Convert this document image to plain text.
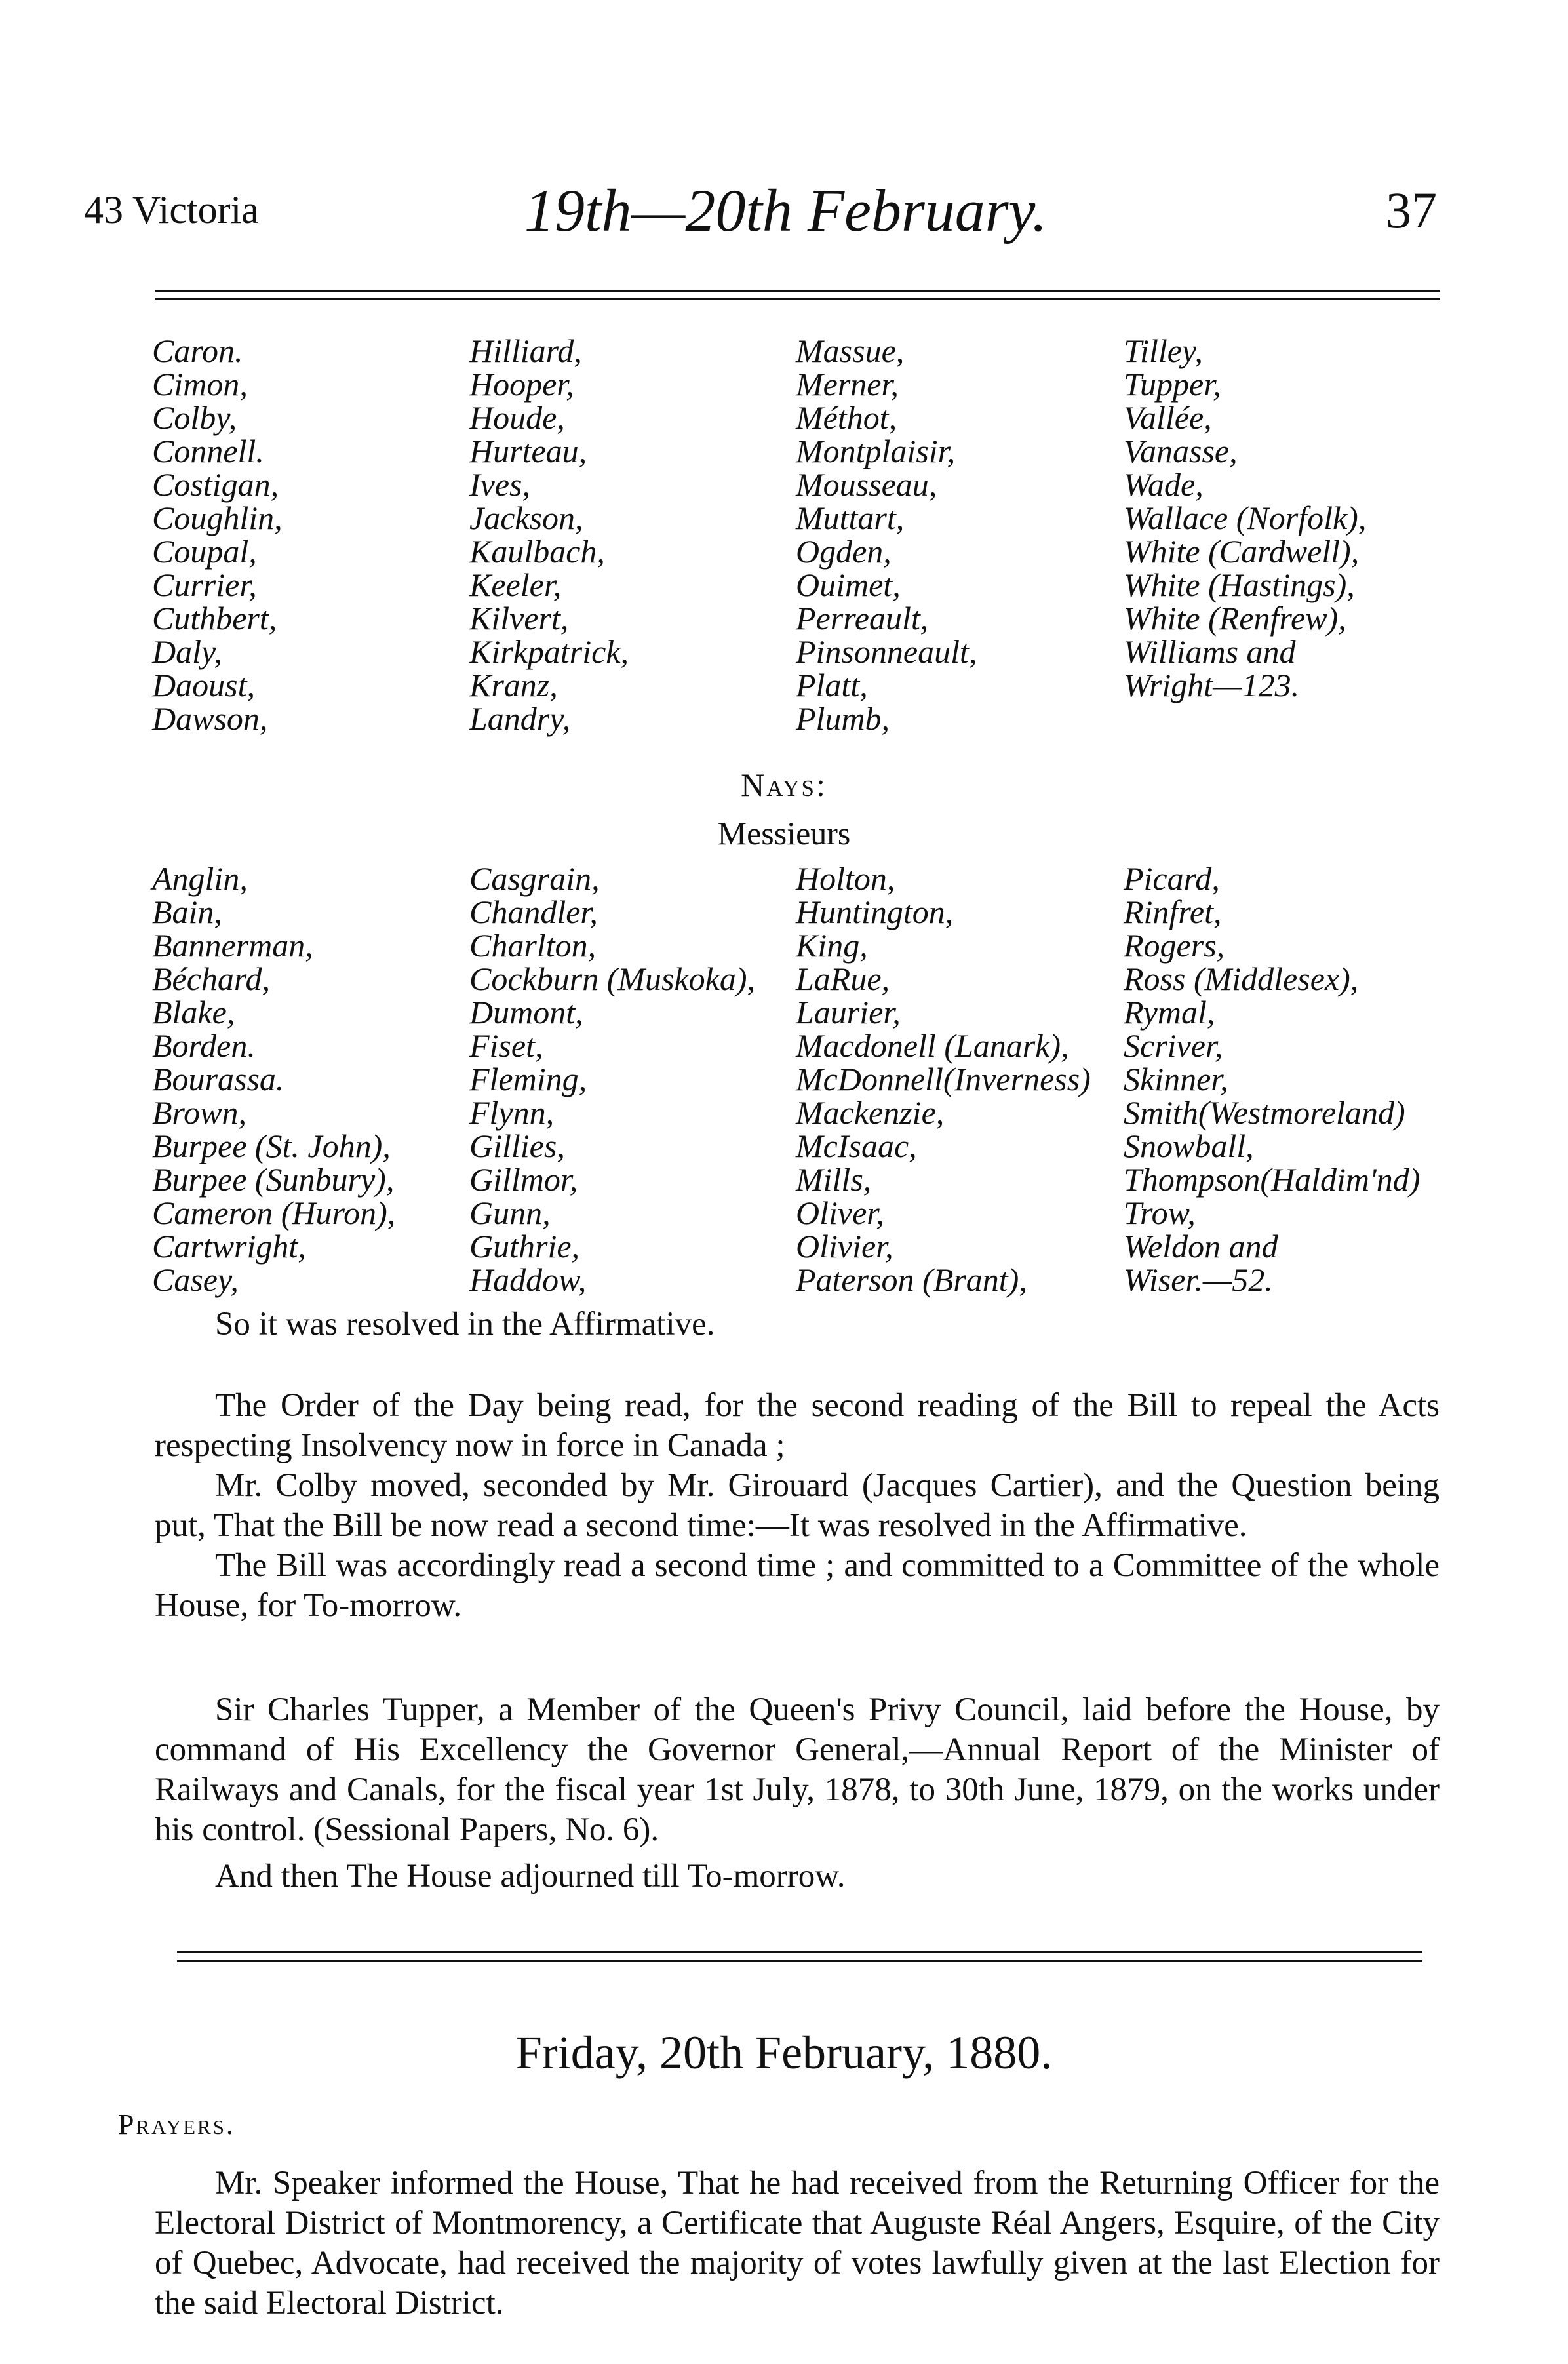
43 Victoria	19th—20th February.	37
Caron.
Cimon,
Colby,
Connell.
Costigan,
Coughlin,
Coupal,
Currier,
Cuthbert,
Daly,
Daoust,
Dawson,
Hilliard,
Hooper,
Houde,
Hurteau,
Ives,
Jackson,
Kaulbach,
Keeler,
Kilvert,
Kirkpatrick,
Kranz,
Landry,
Massue,
Merner,
Méthot,
Montplaisir,
Mousseau,
Muttart,
Ogden,
Ouimet,
Perreault,
Pinsonneault,
Platt,
Plumb,
Tilley,
Tupper,
Vallée,
Vanasse,
Wade,
Wallace (Norfolk),
White (Cardwell),
White (Hastings),
White (Renfrew),
Williams and
Wright—123.
Nays:
Messieurs
Anglin,
Bain,
Bannerman,
Béchard,
Blake,
Borden.
Bourassa.
Brown,
Burpee (St. John),
Burpee (Sunbury),
Cameron (Huron),
Cartwright,
Casey,
Casgrain,
Chandler,
Charlton,
Cockburn (Muskoka),
Dumont,
Fiset,
Fleming,
Flynn,
Gillies,
Gillmor,
Gunn,
Guthrie,
Haddow,
Holton,
Huntington,
King,
LaRue,
Laurier,
Macdonell (Lanark),
McDonnell(Inverness)
Mackenzie,
McIsaac,
Mills,
Oliver,
Olivier,
Paterson (Brant),
Picard,
Rinfret,
Rogers,
Ross (Middlesex),
Rymal,
Scriver,
Skinner,
Smith(Westmoreland)
Snowball,
Thompson(Haldim'nd)
Trow,
Weldon and
Wiser.—52.

So it was resolved in the Affirmative.

The Order of the Day being read, for the second reading of the Bill to repeal the Acts respecting Insolvency now in force in Canada ;

Mr. Colby moved, seconded by Mr. Girouard (Jacques Cartier), and the Question being put, That the Bill be now read a second time:—It was resolved in the Affirmative.

The Bill was accordingly read a second time ; and committed to a Committee of the whole House, for To-morrow.

Sir Charles Tupper, a Member of the Queen's Privy Council, laid before the House, by command of His Excellency the Governor General,—Annual Report of the Minister of Railways and Canals, for the fiscal year 1st July, 1878, to 30th June, 1879, on the works under his control. (Sessional Papers, No. 6).

And then The House adjourned till To-morrow.

Friday, 20th February, 1880.
Prayers.

Mr. Speaker informed the House, That he had received from the Returning Officer for the Electoral District of Montmorency, a Certificate that Auguste Réal Angers, Esquire, of the City of Quebec, Advocate, had received the majority of votes lawfully given at the last Election for the said Electoral District.
